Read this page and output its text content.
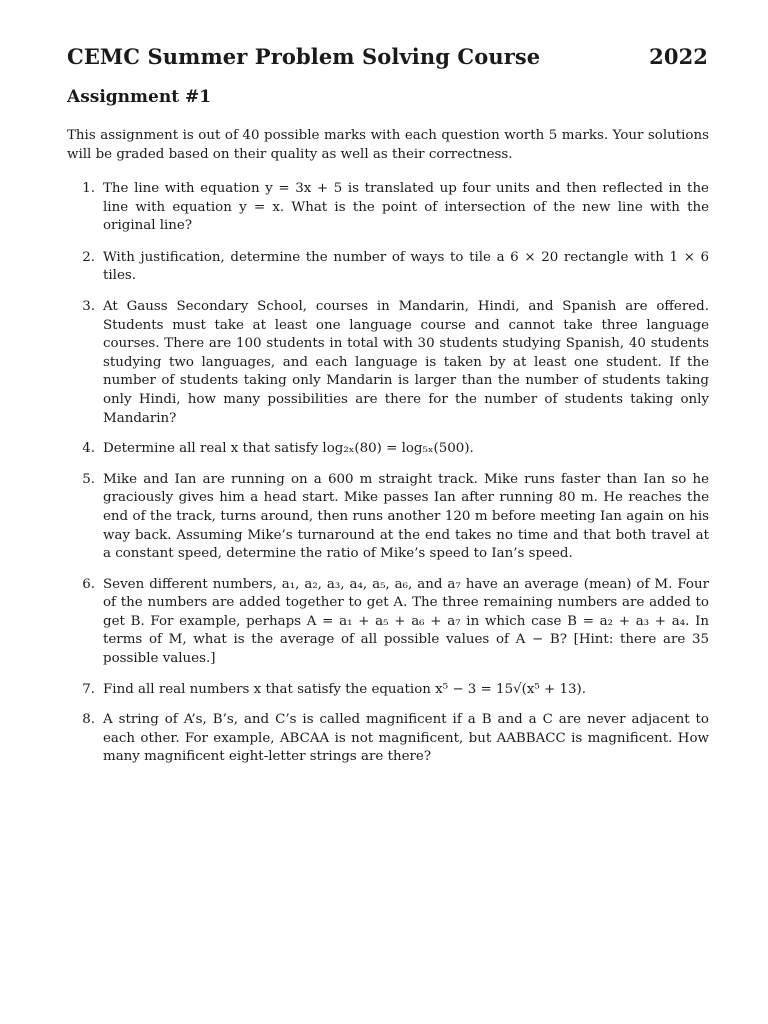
CEMC Summer Problem Solving Course	2022
Assignment #1
This assignment is out of 40 possible marks with each question worth 5 marks. Your solutions will be graded based on their quality as well as their correctness.
1. The line with equation y = 3x + 5 is translated up four units and then reflected in the line with equation y = x. What is the point of intersection of the new line with the original line?
2. With justification, determine the number of ways to tile a 6 × 20 rectangle with 1 × 6 tiles.
3. At Gauss Secondary School, courses in Mandarin, Hindi, and Spanish are offered. Students must take at least one language course and cannot take three language courses. There are 100 students in total with 30 students studying Spanish, 40 students studying two languages, and each language is taken by at least one student. If the number of students taking only Mandarin is larger than the number of students taking only Hindi, how many possibilities are there for the number of students taking only Mandarin?
4. Determine all real x that satisfy log₂ₓ(80) = log₅ₓ(500).
5. Mike and Ian are running on a 600 m straight track. Mike runs faster than Ian so he graciously gives him a head start. Mike passes Ian after running 80 m. He reaches the end of the track, turns around, then runs another 120 m before meeting Ian again on his way back. Assuming Mike’s turnaround at the end takes no time and that both travel at a constant speed, determine the ratio of Mike’s speed to Ian’s speed.
6. Seven different numbers, a₁, a₂, a₃, a₄, a₅, a₆, and a₇ have an average (mean) of M. Four of the numbers are added together to get A. The three remaining numbers are added to get B. For example, perhaps A = a₁ + a₅ + a₆ + a₇ in which case B = a₂ + a₃ + a₄. In terms of M, what is the average of all possible values of A − B? [Hint: there are 35 possible values.]
7. Find all real numbers x that satisfy the equation x⁵ − 3 = 15√(x⁵ + 13).
8. A string of A’s, B’s, and C’s is called magnificent if a B and a C are never adjacent to each other. For example, ABCAA is not magnificent, but AABBACC is magnificent. How many magnificent eight-letter strings are there?
